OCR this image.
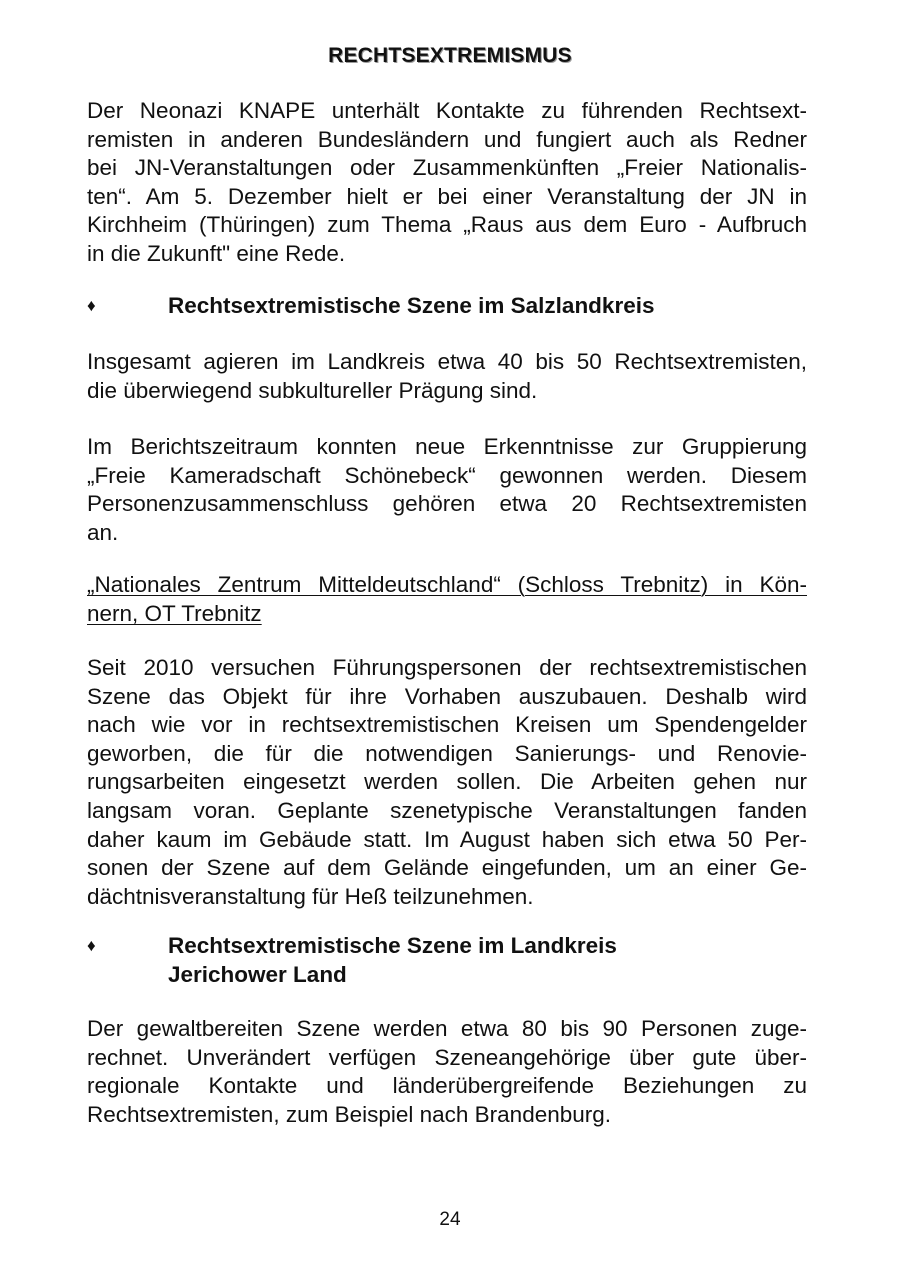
RECHTSEXTREMISMUS
Der Neonazi KNAPE unterhält Kontakte zu führenden Rechtsext-
remisten in anderen Bundesländern und fungiert auch als Redner
bei JN-Veranstaltungen oder Zusammenkünften „Freier Nationalis-
ten“. Am 5. Dezember hielt er bei einer Veranstaltung der JN in
Kirchheim (Thüringen) zum Thema „Raus aus dem Euro - Aufbruch
in die Zukunft" eine Rede.
♦	Rechtsextremistische Szene im Salzlandkreis
Insgesamt agieren im Landkreis etwa 40 bis 50 Rechtsextremisten,
die überwiegend subkultureller Prägung sind.
Im Berichtszeitraum konnten neue Erkenntnisse zur Gruppierung
„Freie Kameradschaft Schönebeck“ gewonnen werden. Diesem
Personenzusammenschluss gehören etwa 20 Rechtsextremisten
an.
„Nationales Zentrum Mitteldeutschland“ (Schloss Trebnitz) in Kön-
nern, OT Trebnitz
Seit 2010 versuchen Führungspersonen der rechtsextremistischen
Szene das Objekt für ihre Vorhaben auszubauen. Deshalb wird
nach wie vor in rechtsextremistischen Kreisen um Spendengelder
geworben, die für die notwendigen Sanierungs- und Renovie-
rungsarbeiten eingesetzt werden sollen. Die Arbeiten gehen nur
langsam voran. Geplante szenetypische Veranstaltungen fanden
daher kaum im Gebäude statt. Im August haben sich etwa 50 Per-
sonen der Szene auf dem Gelände eingefunden, um an einer Ge-
dächtnisveranstaltung für Heß teilzunehmen.
♦	Rechtsextremistische Szene im Landkreis
Jerichower Land
Der gewaltbereiten Szene werden etwa 80 bis 90 Personen zuge-
rechnet. Unverändert verfügen Szeneangehörige über gute über-
regionale Kontakte und länderübergreifende Beziehungen zu
Rechtsextremisten, zum Beispiel nach Brandenburg.
24
